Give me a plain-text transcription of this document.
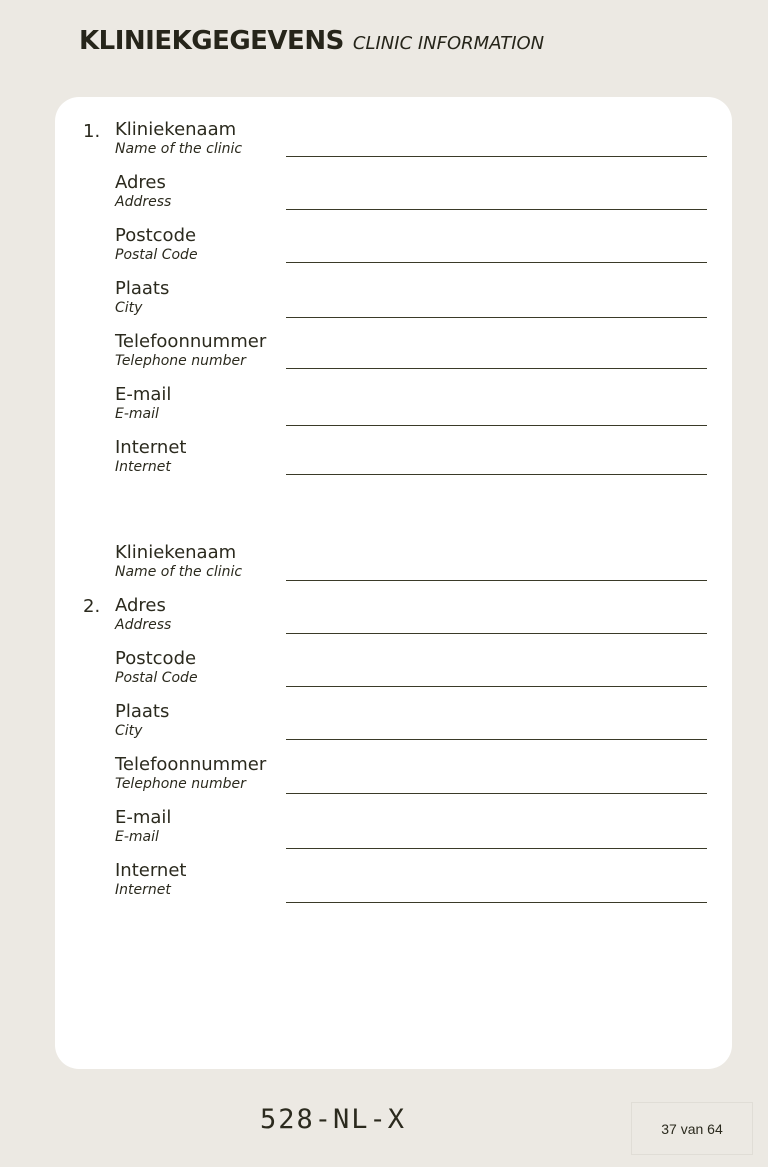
KLINIEKGEGEVENS CLINIC INFORMATION
1. Kliniekenaam
Name of the clinic
Adres
Address
Postcode
Postal Code
Plaats
City
Telefoonnummer
Telephone number
E-mail
E-mail
Internet
Internet
2.
Kliniekenaam
Name of the clinic
Adres
Address
Postcode
Postal Code
Plaats
City
Telefoonnummer
Telephone number
E-mail
E-mail
Internet
Internet
528-NL-X	37 van 64
